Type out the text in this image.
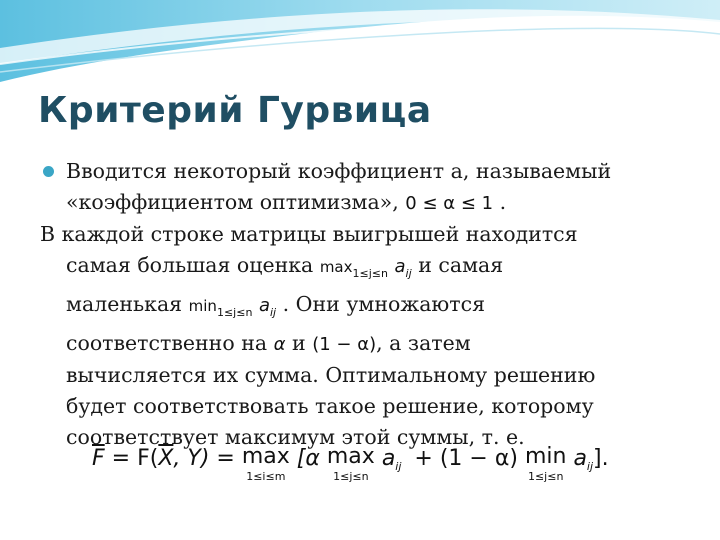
Критерий Гурвица
Вводится некоторый коэффициент а, называемый
«коэффициентом оптимизма», 0 ≤ α ≤ 1 .
В каждой строке матрицы выигрышей находится
самая большая оценка $\max_{1\le j\le n} a_{ij}$ и самая
маленькая $\min_{1\le j\le n} a_{ij}$ . Они умножаются
соответственно на α и (1 − α), а затем
вычисляется их сумма. Оптимальному решению
будет соответствовать такое решение, которому
соответствует максимум этой суммы, т. е.
$\overline{F} = F(\overline{X}$, Y) = max
1≤i≤m
[α max
1≤j≤n
$a_{ij} + (1 - \alpha)$ min
1≤j≤n
$a_{ij}$].
